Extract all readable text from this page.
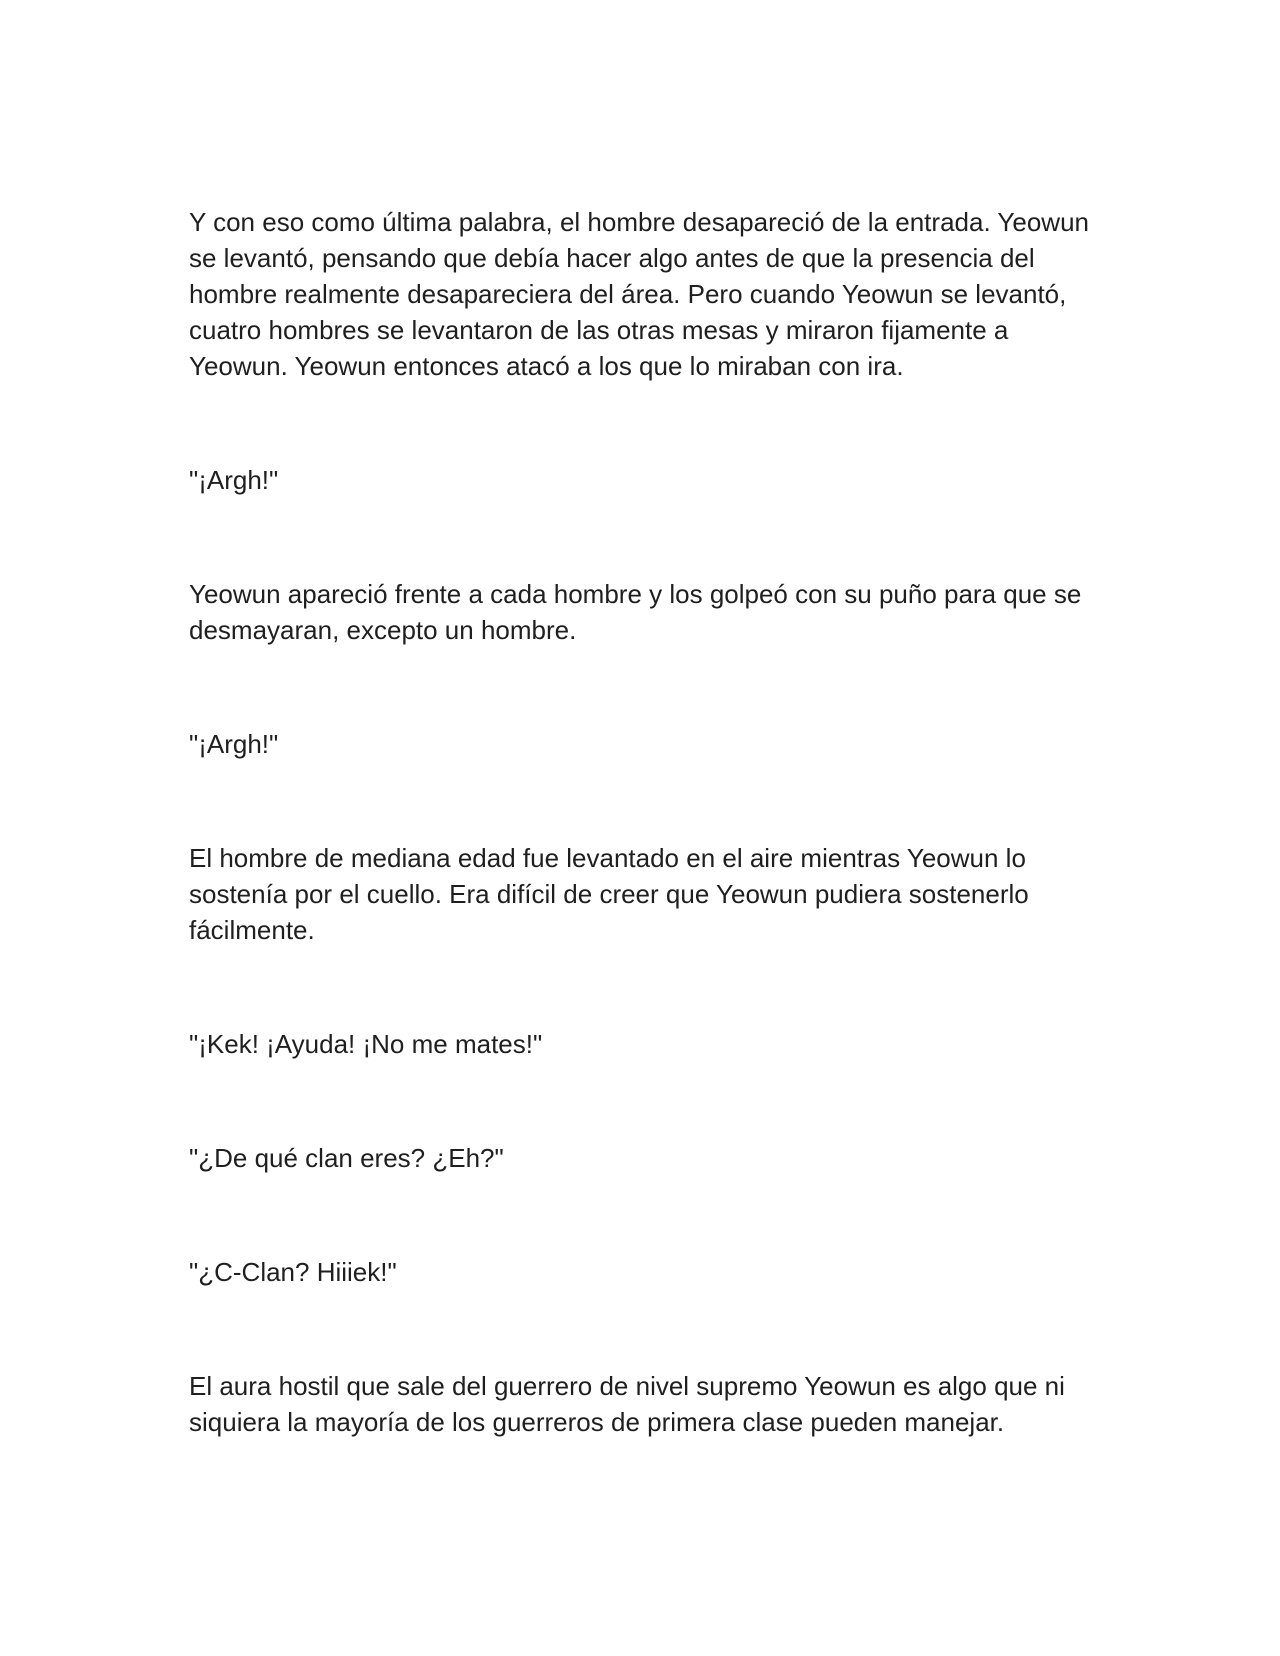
Y con eso como última palabra, el hombre desapareció de la entrada. Yeowun se levantó, pensando que debía hacer algo antes de que la presencia del hombre realmente desapareciera del área. Pero cuando Yeowun se levantó, cuatro hombres se levantaron de las otras mesas y miraron fijamente a Yeowun. Yeowun entonces atacó a los que lo miraban con ira.

"¡Argh!"

Yeowun apareció frente a cada hombre y los golpeó con su puño para que se desmayaran, excepto un hombre.

"¡Argh!"

El hombre de mediana edad fue levantado en el aire mientras Yeowun lo sostenía por el cuello. Era difícil de creer que Yeowun pudiera sostenerlo fácilmente.

"¡Kek! ¡Ayuda! ¡No me mates!"

"¿De qué clan eres? ¿Eh?"

"¿C-Clan? Hiiiek!"

El aura hostil que sale del guerrero de nivel supremo Yeowun es algo que ni siquiera la mayoría de los guerreros de primera clase pueden manejar.
